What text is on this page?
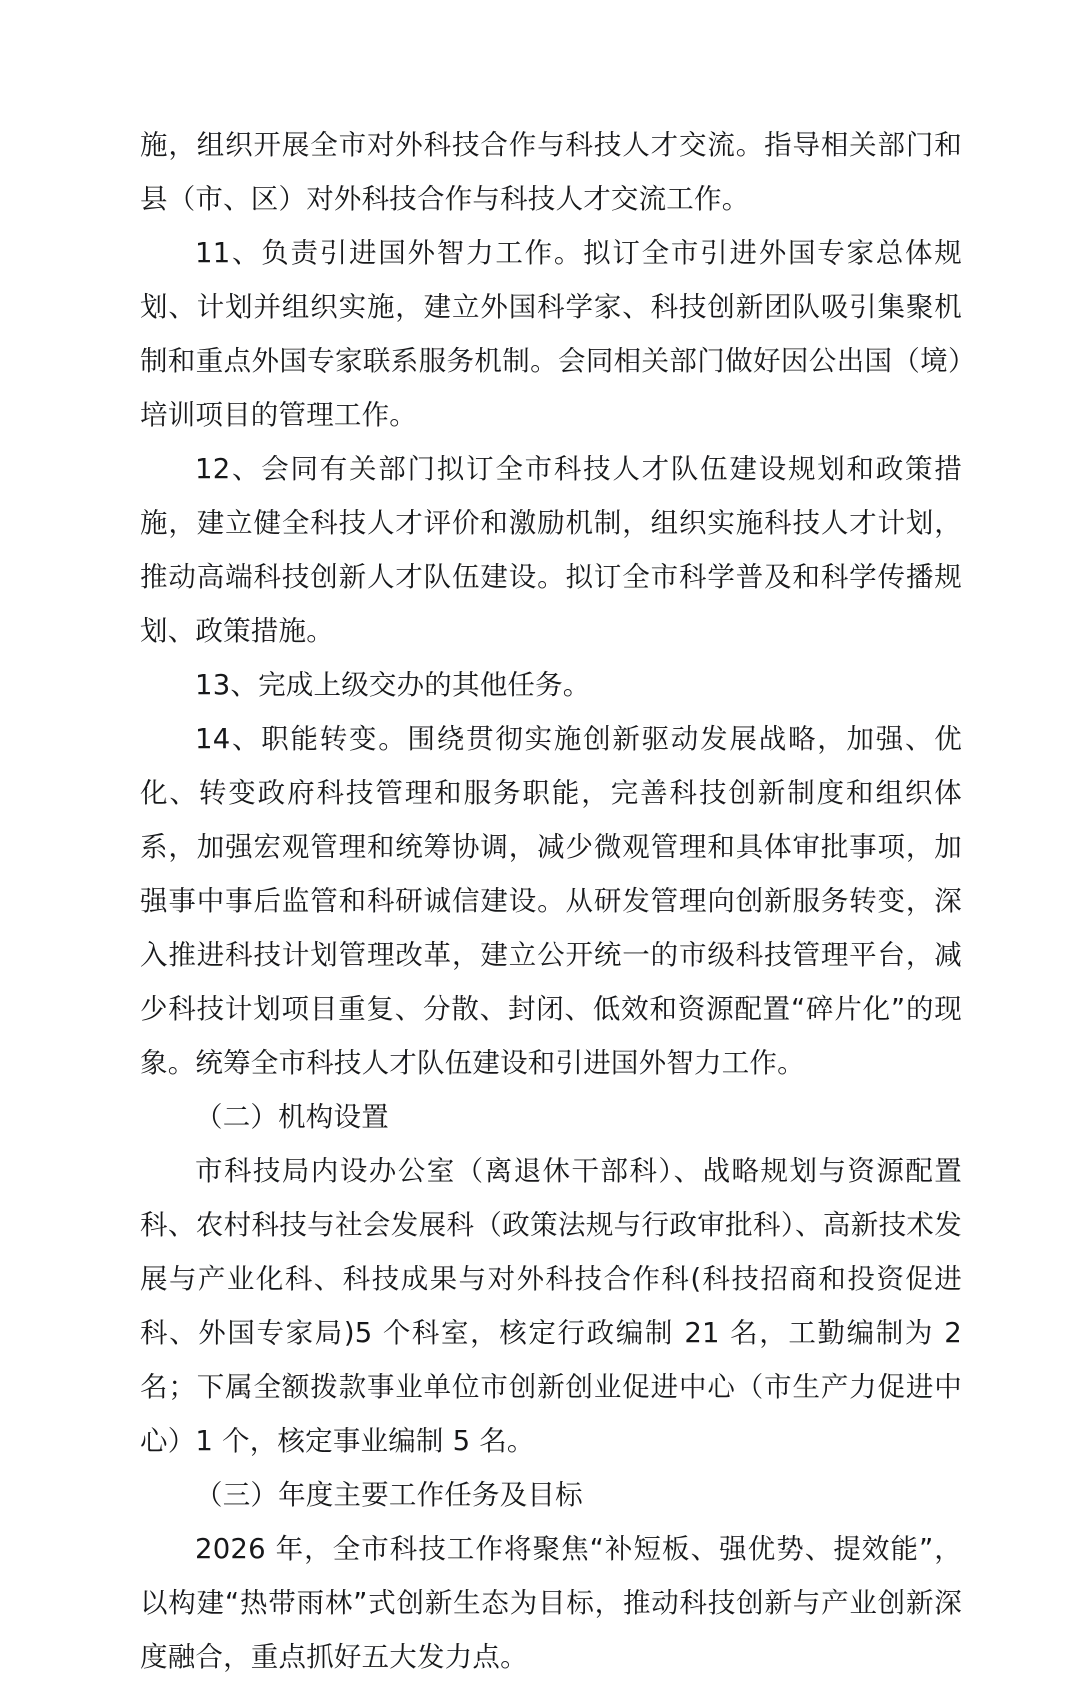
施，组织开展全市对外科技合作与科技人才交流。指导相关部门和县（市、区）对外科技合作与科技人才交流工作。

11、负责引进国外智力工作。拟订全市引进外国专家总体规划、计划并组织实施，建立外国科学家、科技创新团队吸引集聚机制和重点外国专家联系服务机制。会同相关部门做好因公出国（境）培训项目的管理工作。

12、会同有关部门拟订全市科技人才队伍建设规划和政策措施，建立健全科技人才评价和激励机制，组织实施科技人才计划，推动高端科技创新人才队伍建设。拟订全市科学普及和科学传播规划、政策措施。

13、完成上级交办的其他任务。

14、职能转变。围绕贯彻实施创新驱动发展战略，加强、优化、转变政府科技管理和服务职能，完善科技创新制度和组织体系，加强宏观管理和统筹协调，减少微观管理和具体审批事项，加强事中事后监管和科研诚信建设。从研发管理向创新服务转变，深入推进科技计划管理改革，建立公开统一的市级科技管理平台，减少科技计划项目重复、分散、封闭、低效和资源配置“碎片化”的现象。统筹全市科技人才队伍建设和引进国外智力工作。

（二）机构设置

市科技局内设办公室（离退休干部科）、战略规划与资源配置科、农村科技与社会发展科（政策法规与行政审批科）、高新技术发展与产业化科、科技成果与对外科技合作科(科技招商和投资促进科、外国专家局)5 个科室，核定行政编制 21 名，工勤编制为 2 名；下属全额拨款事业单位市创新创业促进中心（市生产力促进中心）1 个，核定事业编制 5 名。

（三）年度主要工作任务及目标

2026 年，全市科技工作将聚焦“补短板、强优势、提效能”，以构建“热带雨林”式创新生态为目标，推动科技创新与产业创新深度融合，重点抓好五大发力点。
